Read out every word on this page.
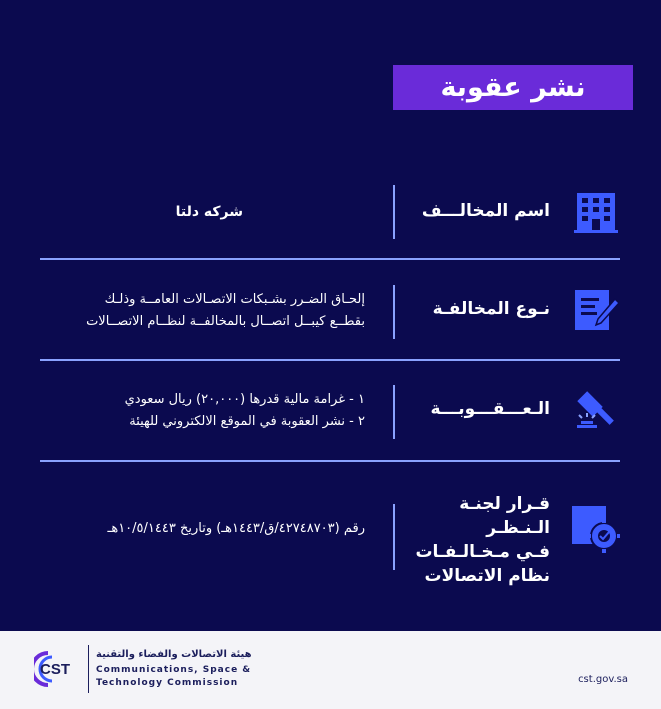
نشر عقوبة
اسم المخالـــف

شركه دلتا

نـوع المخالفـة

إلحـاق الضـرر بشـبكات الاتصـالات العامــة وذلـك

بقطــع كيبــل اتصــال بالمخالفــة لنظــام الاتصــالات

الـعـــقـــوبـــة

١ - غرامة مالية قدرها (٢٠,٠٠٠) ريال سعودي

٢ - نشر العقوبة في الموقع الالكتروني للهيئة

قـرار لجنـة الـنـظـر
فـي مـخـالـفـات
نظام الاتصالات

رقم (٤٢٧٤٨٧٠٣/ق/١٤٤٣هـ) وتاريخ ١٠/٥/١٤٤٣هـ

CST
هيئة الاتصالات والفضاء والتقنية
Communications, Space &
Technology Commission	cst.gov.sa
